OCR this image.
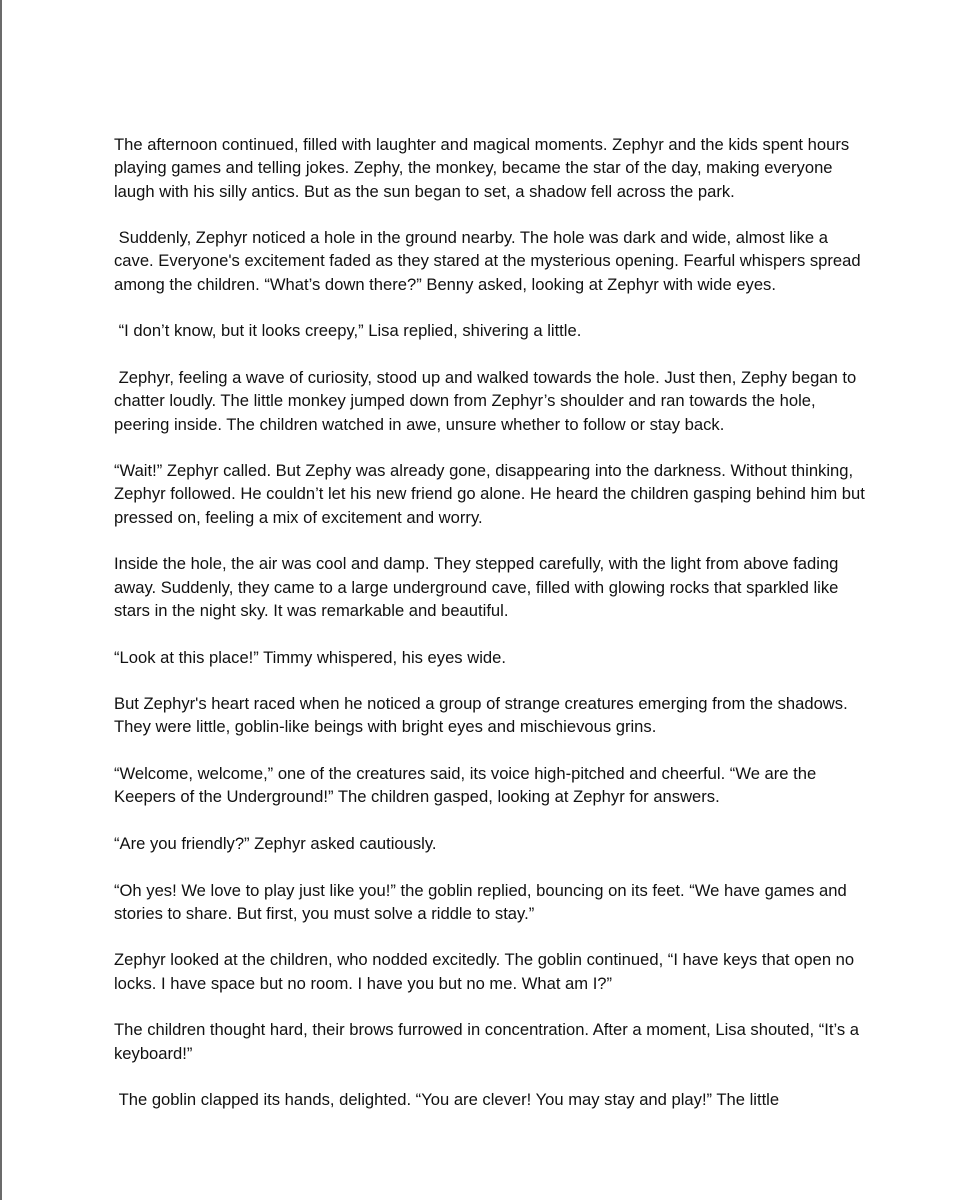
The afternoon continued, filled with laughter and magical moments. Zephyr and the kids spent hours playing games and telling jokes. Zephy, the monkey, became the star of the day, making everyone laugh with his silly antics. But as the sun began to set, a shadow fell across the park.

Suddenly, Zephyr noticed a hole in the ground nearby. The hole was dark and wide, almost like a cave. Everyone's excitement faded as they stared at the mysterious opening. Fearful whispers spread among the children. “What’s down there?” Benny asked, looking at Zephyr with wide eyes.

“I don’t know, but it looks creepy,” Lisa replied, shivering a little.

Zephyr, feeling a wave of curiosity, stood up and walked towards the hole. Just then, Zephy began to chatter loudly. The little monkey jumped down from Zephyr’s shoulder and ran towards the hole, peering inside. The children watched in awe, unsure whether to follow or stay back.

“Wait!” Zephyr called. But Zephy was already gone, disappearing into the darkness. Without thinking, Zephyr followed. He couldn’t let his new friend go alone. He heard the children gasping behind him but pressed on, feeling a mix of excitement and worry.

Inside the hole, the air was cool and damp. They stepped carefully, with the light from above fading away. Suddenly, they came to a large underground cave, filled with glowing rocks that sparkled like stars in the night sky. It was remarkable and beautiful.

“Look at this place!” Timmy whispered, his eyes wide.

But Zephyr's heart raced when he noticed a group of strange creatures emerging from the shadows. They were little, goblin-like beings with bright eyes and mischievous grins.

“Welcome, welcome,” one of the creatures said, its voice high-pitched and cheerful. “We are the Keepers of the Underground!” The children gasped, looking at Zephyr for answers.

“Are you friendly?” Zephyr asked cautiously.

“Oh yes! We love to play just like you!” the goblin replied, bouncing on its feet. “We have games and stories to share. But first, you must solve a riddle to stay.”

Zephyr looked at the children, who nodded excitedly. The goblin continued, “I have keys that open no locks. I have space but no room. I have you but no me. What am I?”

The children thought hard, their brows furrowed in concentration. After a moment, Lisa shouted, “It’s a keyboard!”

The goblin clapped its hands, delighted. “You are clever! You may stay and play!” The little
